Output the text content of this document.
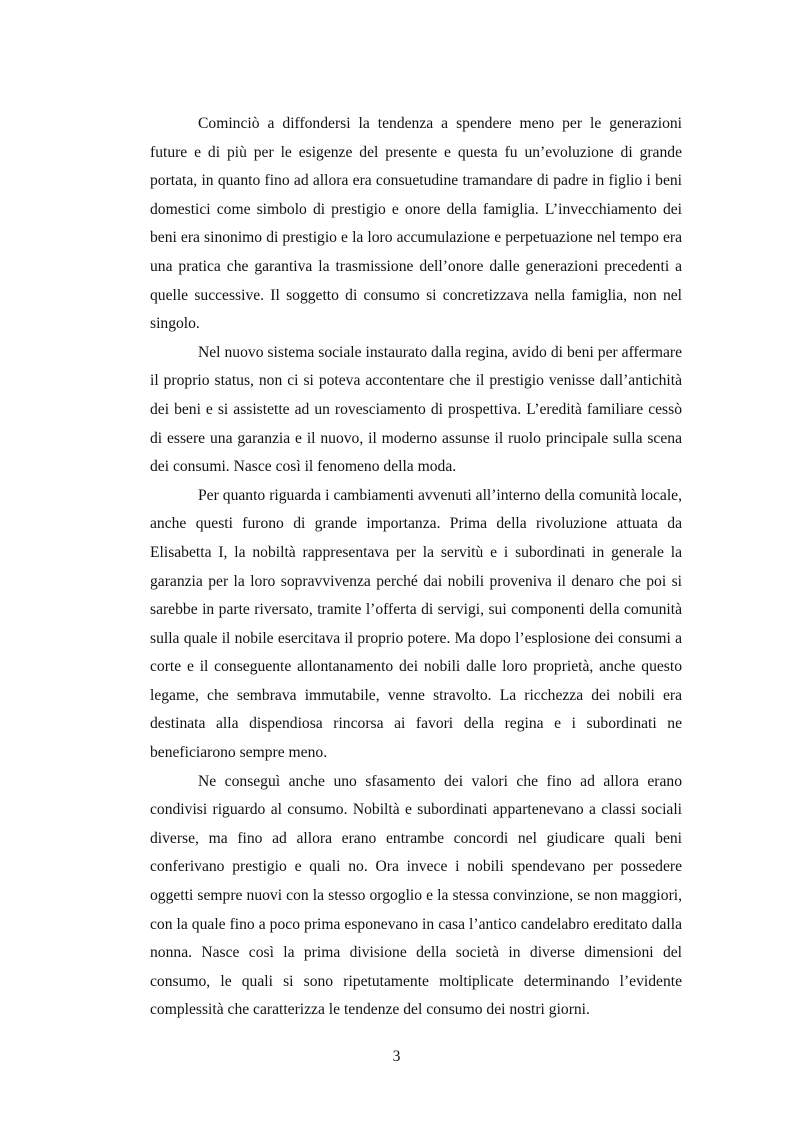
Cominciò a diffondersi la tendenza a spendere meno per le generazioni future e di più per le esigenze del presente e questa fu un’evoluzione di grande portata, in quanto fino ad allora era consuetudine tramandare di padre in figlio i beni domestici come simbolo di prestigio e onore della famiglia. L’invecchiamento dei beni era sinonimo di prestigio e la loro accumulazione e perpetuazione nel tempo era una pratica che garantiva la trasmissione dell’onore dalle generazioni precedenti a quelle successive. Il soggetto di consumo si concretizzava nella famiglia, non nel singolo.

Nel nuovo sistema sociale instaurato dalla regina, avido di beni per affermare il proprio status, non ci si poteva accontentare che il prestigio venisse dall’antichità dei beni e si assistette ad un rovesciamento di prospettiva. L’eredità familiare cessò di essere una garanzia e il nuovo, il moderno assunse il ruolo principale sulla scena dei consumi. Nasce così il fenomeno della moda.

Per quanto riguarda i cambiamenti avvenuti all’interno della comunità locale, anche questi furono di grande importanza. Prima della rivoluzione attuata da Elisabetta I, la nobiltà rappresentava per la servitù e i subordinati in generale la garanzia per la loro sopravvivenza perché dai nobili proveniva il denaro che poi si sarebbe in parte riversato, tramite l’offerta di servigi, sui componenti della comunità sulla quale il nobile esercitava il proprio potere. Ma dopo l’esplosione dei consumi a corte e il conseguente allontanamento dei nobili dalle loro proprietà, anche questo legame, che sembrava immutabile, venne stravolto. La ricchezza dei nobili era destinata alla dispendiosa rincorsa ai favori della regina e i subordinati ne beneficiarono sempre meno.

Ne conseguì anche uno sfasamento dei valori che fino ad allora erano condivisi riguardo al consumo. Nobiltà e subordinati appartenevano a classi sociali diverse, ma fino ad allora erano entrambe concordi nel giudicare quali beni conferivano prestigio e quali no. Ora invece i nobili spendevano per possedere oggetti sempre nuovi con la stesso orgoglio e la stessa convinzione, se non maggiori, con la quale fino a poco prima esponevano in casa l’antico candelabro ereditato dalla nonna. Nasce così la prima divisione della società in diverse dimensioni del consumo, le quali si sono ripetutamente moltiplicate determinando l’evidente complessità che caratterizza le tendenze del consumo dei nostri giorni.

3
